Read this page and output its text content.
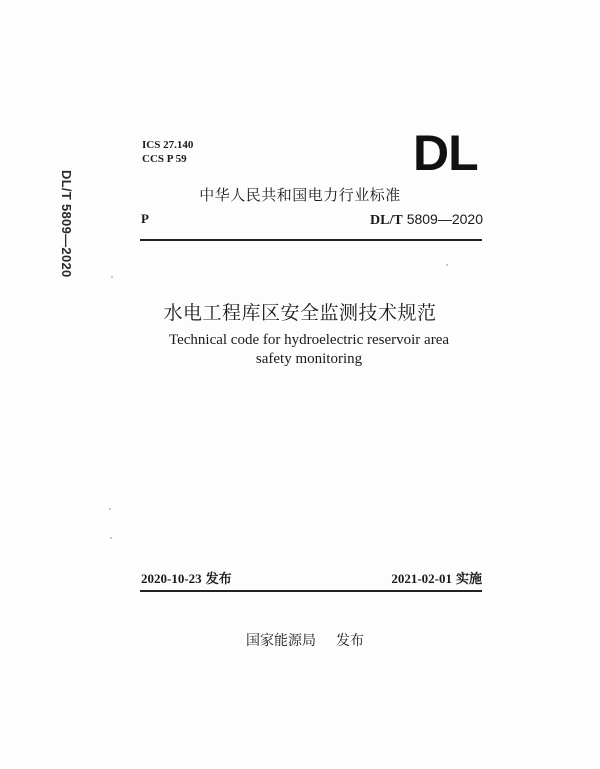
DL/T 5809—2020
ICS 27.140
CCS P 59	DL
中华人民共和国电力行业标准
P	DL/T 5809—2020
水电工程库区安全监测技术规范
Technical code for hydroelectric reservoir area
safety monitoring
2020-10-23 发布	2021-02-01 实施
国家能源局 发布
